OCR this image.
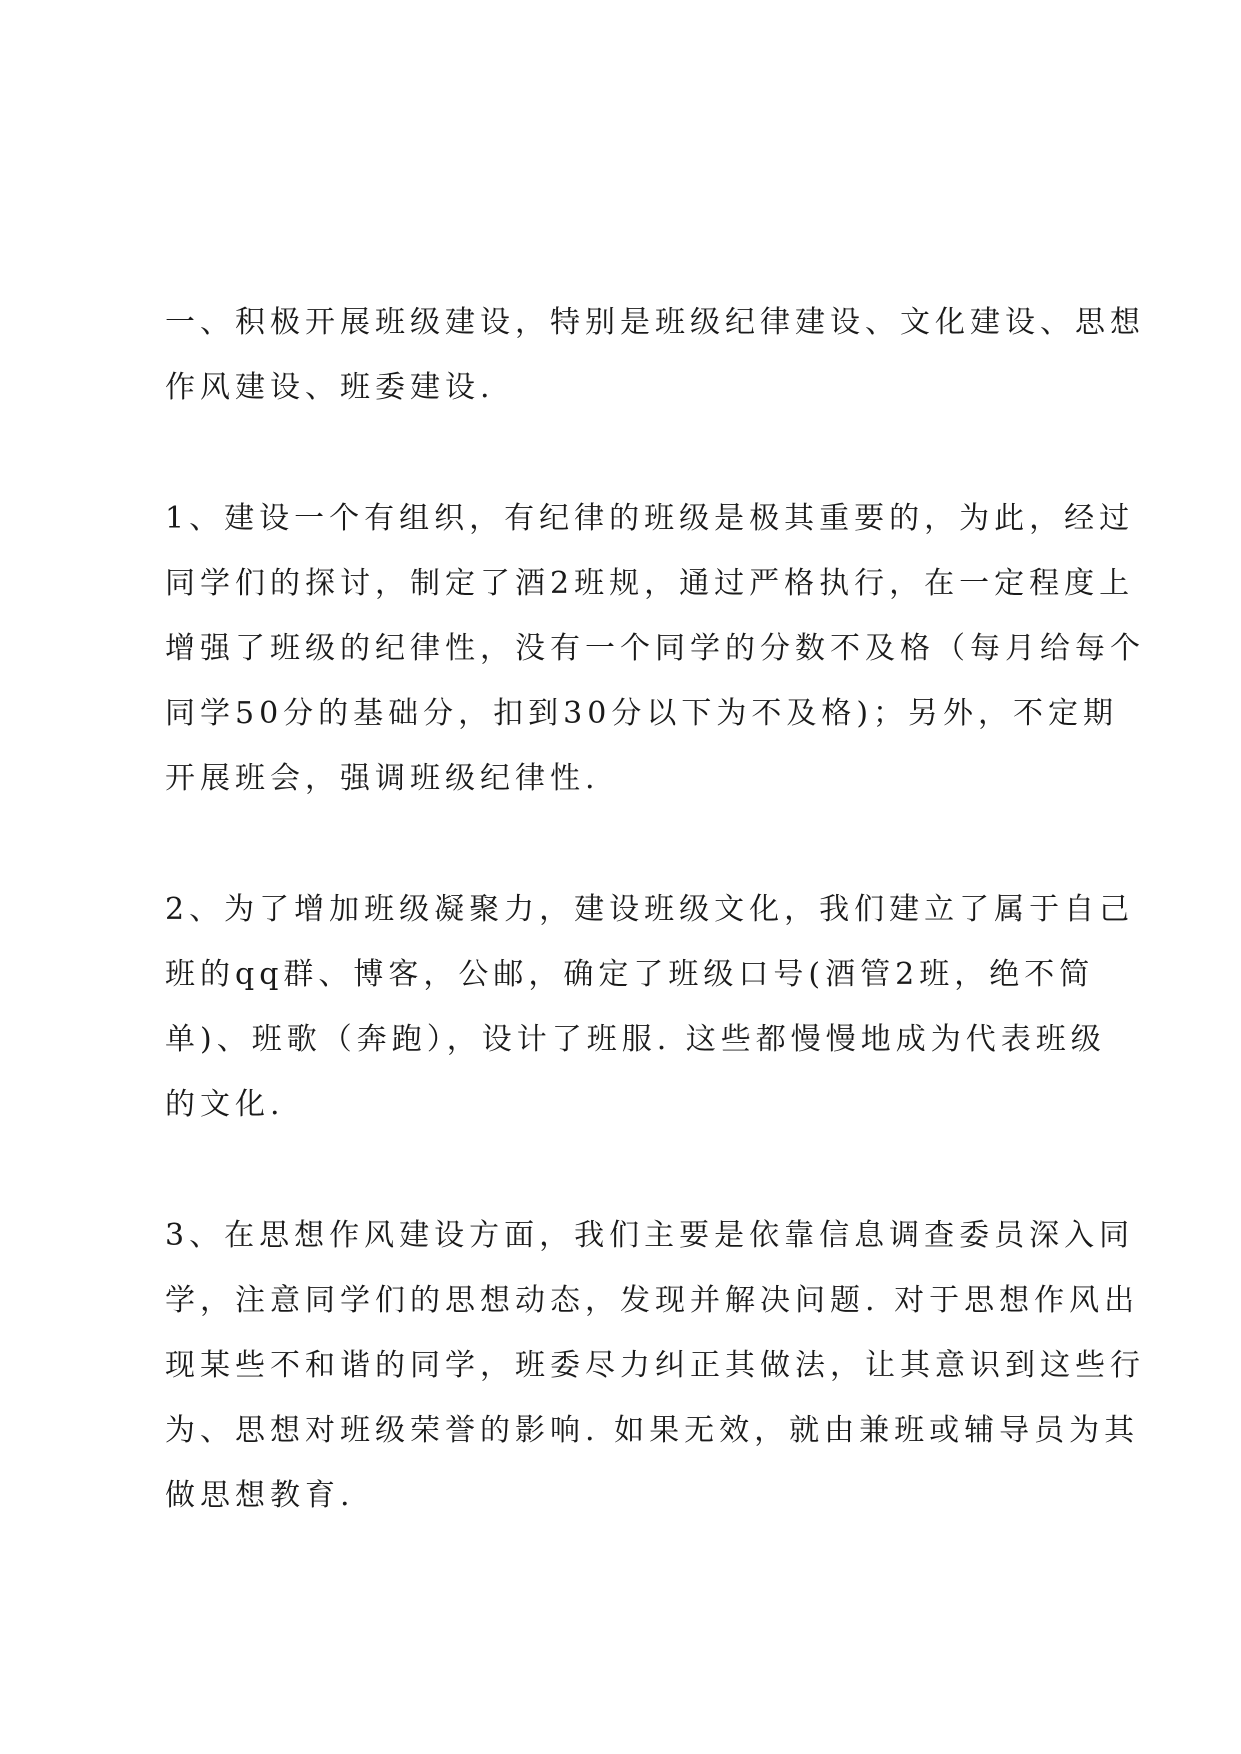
一、积极开展班级建设，特别是班级纪律建设、文化建设、思想
作风建设、班委建设.

1、建设一个有组织，有纪律的班级是极其重要的，为此，经过
同学们的探讨，制定了酒2班规，通过严格执行，在一定程度上
增强了班级的纪律性，没有一个同学的分数不及格（每月给每个
同学50分的基础分，扣到30分以下为不及格)；另外，不定期
开展班会，强调班级纪律性.

2、为了增加班级凝聚力，建设班级文化，我们建立了属于自己
班的qq群、博客，公邮，确定了班级口号(酒管2班，绝不简
单)、班歌（奔跑），设计了班服. 这些都慢慢地成为代表班级
的文化.

3、在思想作风建设方面，我们主要是依靠信息调查委员深入同
学，注意同学们的思想动态，发现并解决问题. 对于思想作风出
现某些不和谐的同学，班委尽力纠正其做法，让其意识到这些行
为、思想对班级荣誉的影响. 如果无效，就由兼班或辅导员为其
做思想教育.
